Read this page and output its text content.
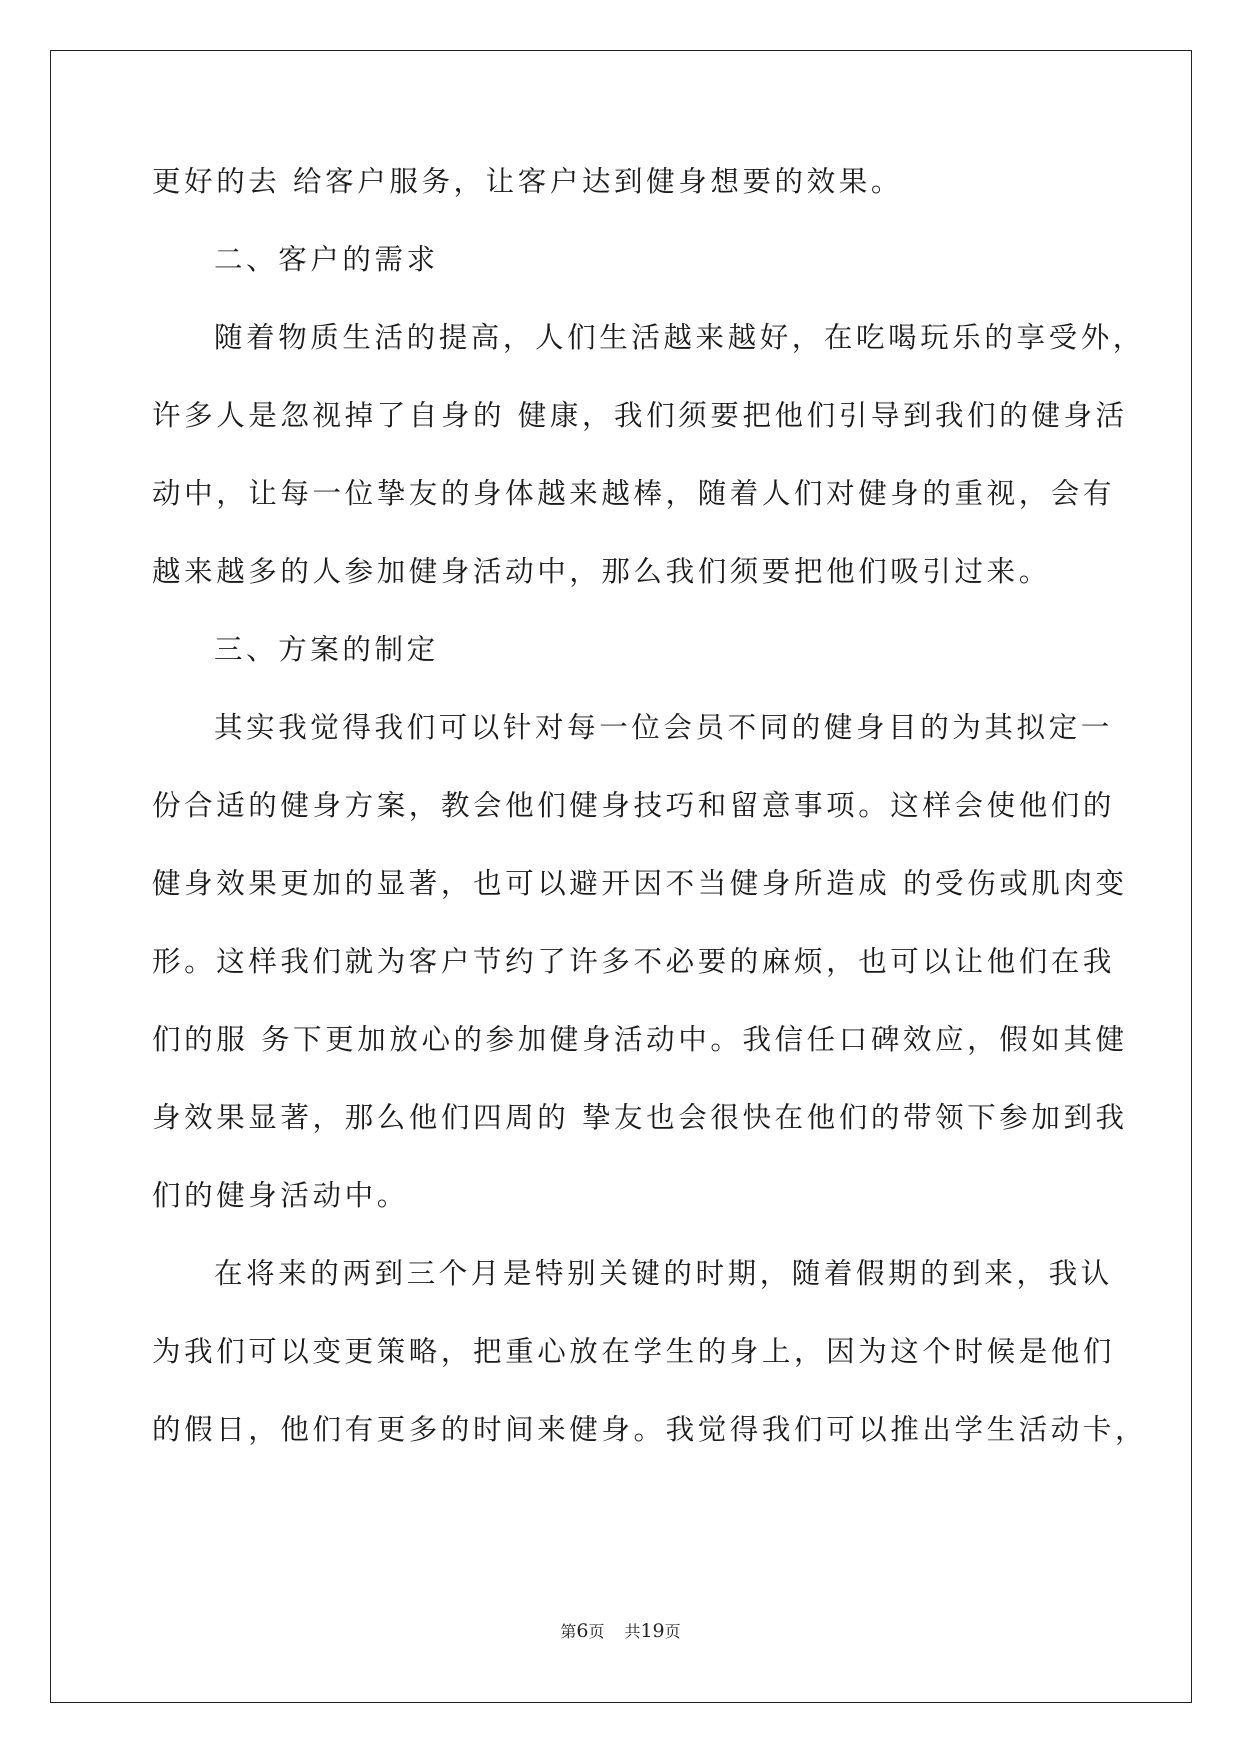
更好的去 给客户服务，让客户达到健身想要的效果。
二、客户的需求
随着物质生活的提高，人们生活越来越好，在吃喝玩乐的享受外，
许多人是忽视掉了自身的 健康，我们须要把他们引导到我们的健身活
动中，让每一位挚友的身体越来越棒，随着人们对健身的重视，会有
越来越多的人参加健身活动中，那么我们须要把他们吸引过来。
三、方案的制定
其实我觉得我们可以针对每一位会员不同的健身目的为其拟定一
份合适的健身方案，教会他们健身技巧和留意事项。这样会使他们的
健身效果更加的显著，也可以避开因不当健身所造成 的受伤或肌肉变
形。这样我们就为客户节约了许多不必要的麻烦，也可以让他们在我
们的服 务下更加放心的参加健身活动中。我信任口碑效应，假如其健
身效果显著，那么他们四周的 挚友也会很快在他们的带领下参加到我
们的健身活动中。
在将来的两到三个月是特别关键的时期，随着假期的到来，我认
为我们可以变更策略，把重心放在学生的身上，因为这个时候是他们
的假日，他们有更多的时间来健身。我觉得我们可以推出学生活动卡，
第6页 共19页
